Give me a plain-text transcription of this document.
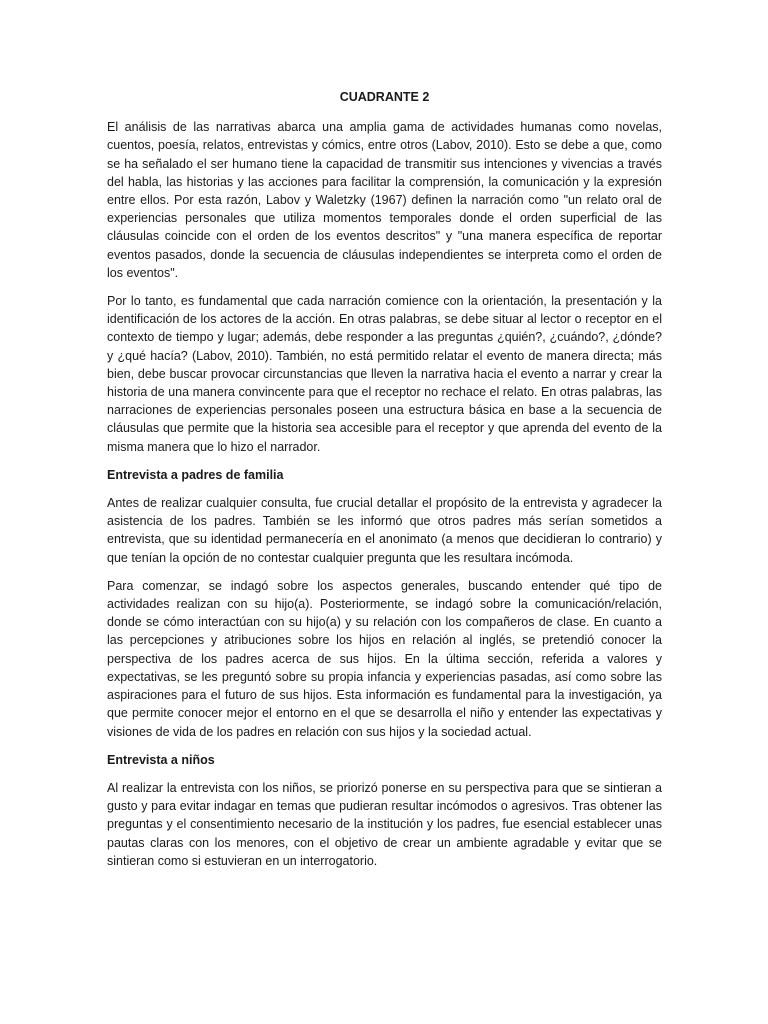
CUADRANTE 2

El análisis de las narrativas abarca una amplia gama de actividades humanas como novelas, cuentos, poesía, relatos, entrevistas y cómics, entre otros (Labov, 2010). Esto se debe a que, como se ha señalado el ser humano tiene la capacidad de transmitir sus intenciones y vivencias a través del habla, las historias y las acciones para facilitar la comprensión, la comunicación y la expresión entre ellos. Por esta razón, Labov y Waletzky (1967) definen la narración como "un relato oral de experiencias personales que utiliza momentos temporales donde el orden superficial de las cláusulas coincide con el orden de los eventos descritos" y "una manera específica de reportar eventos pasados, donde la secuencia de cláusulas independientes se interpreta como el orden de los eventos".

Por lo tanto, es fundamental que cada narración comience con la orientación, la presentación y la identificación de los actores de la acción. En otras palabras, se debe situar al lector o receptor en el contexto de tiempo y lugar; además, debe responder a las preguntas ¿quién?, ¿cuándo?, ¿dónde? y ¿qué hacía? (Labov, 2010). También, no está permitido relatar el evento de manera directa; más bien, debe buscar provocar circunstancias que lleven la narrativa hacia el evento a narrar y crear la historia de una manera convincente para que el receptor no rechace el relato. En otras palabras, las narraciones de experiencias personales poseen una estructura básica en base a la secuencia de cláusulas que permite que la historia sea accesible para el receptor y que aprenda del evento de la misma manera que lo hizo el narrador.

Entrevista a padres de familia

Antes de realizar cualquier consulta, fue crucial detallar el propósito de la entrevista y agradecer la asistencia de los padres. También se les informó que otros padres más serían sometidos a entrevista, que su identidad permanecería en el anonimato (a menos que decidieran lo contrario) y que tenían la opción de no contestar cualquier pregunta que les resultara incómoda.

Para comenzar, se indagó sobre los aspectos generales, buscando entender qué tipo de actividades realizan con su hijo(a). Posteriormente, se indagó sobre la comunicación/relación, donde se cómo interactúan con su hijo(a) y su relación con los compañeros de clase. En cuanto a las percepciones y atribuciones sobre los hijos en relación al inglés, se pretendió conocer la perspectiva de los padres acerca de sus hijos. En la última sección, referida a valores y expectativas, se les preguntó sobre su propia infancia y experiencias pasadas, así como sobre las aspiraciones para el futuro de sus hijos. Esta información es fundamental para la investigación, ya que permite conocer mejor el entorno en el que se desarrolla el niño y entender las expectativas y visiones de vida de los padres en relación con sus hijos y la sociedad actual.

Entrevista a niños

Al realizar la entrevista con los niños, se priorizó ponerse en su perspectiva para que se sintieran a gusto y para evitar indagar en temas que pudieran resultar incómodos o agresivos. Tras obtener las preguntas y el consentimiento necesario de la institución y los padres, fue esencial establecer unas pautas claras con los menores, con el objetivo de crear un ambiente agradable y evitar que se sintieran como si estuvieran en un interrogatorio.
